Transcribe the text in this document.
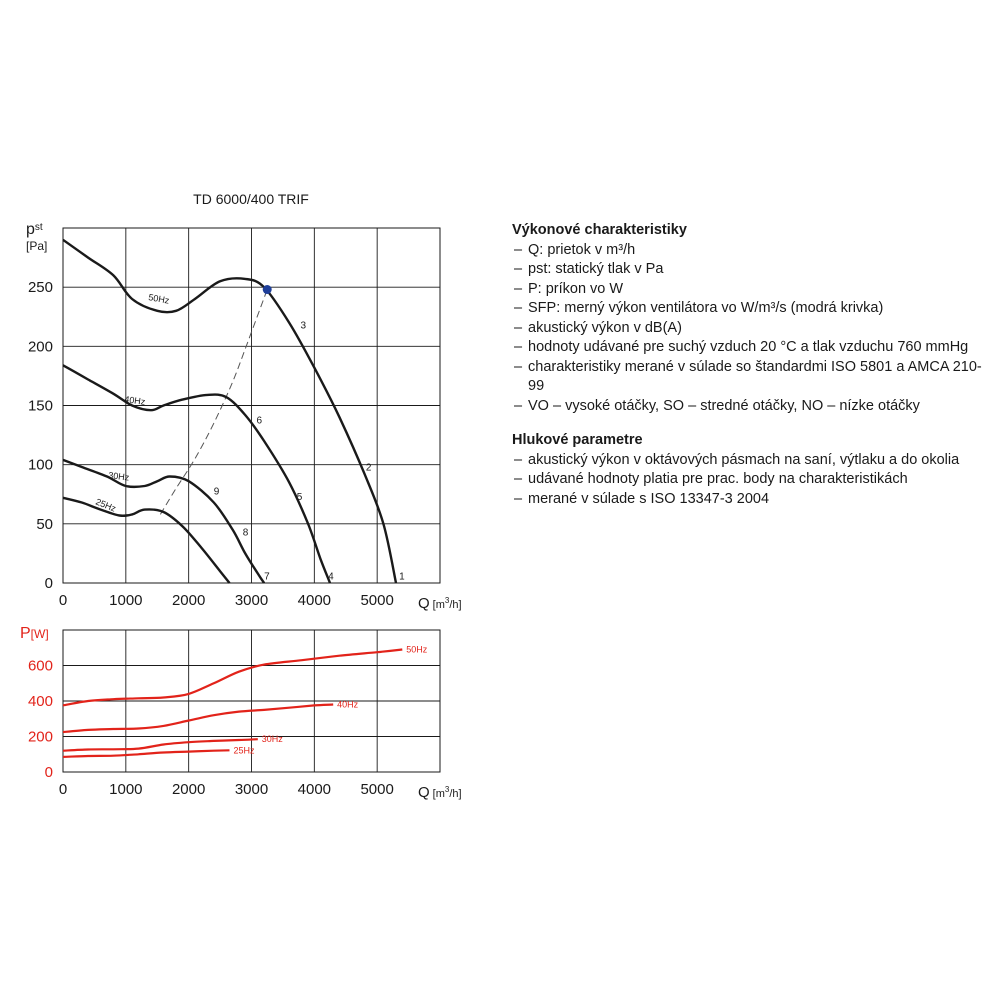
TD 6000/400 TRIF
$p^{st}$
[Pa]
0	1000 2000 3000 4000 5000
0
50
100
150
200
250
Q [$m^3_{/h]}$
50Hz
40Hz
30Hz
25Hz
1
2
3
4
5
6
7
8
9
P[W]
0	1000 2000 3000 4000 5000
0
200
400
600
Q [$m^3_{/h]}$
50Hz
40Hz
30Hz
25Hz
Výkonové charakteristiky
– Q: prietok v m³/h
– pst: statický tlak v Pa
– P: príkon vo W
– SFP: merný výkon ventilátora vo W/m³/s (modrá krivka)
– akustický výkon v dB(A)
– hodnoty udávané pre suchý vzduch 20 °C a tlak vzduchu 760 mmHg
– charakteristiky merané v súlade so štandardmi ISO 5801 a AMCA 210-99
– VO – vysoké otáčky, SO – stredné otáčky, NO – nízke otáčky
Hlukové parametre
– akustický výkon v oktávových pásmach na saní, výtlaku a do okolia
– udávané hodnoty platia pre prac. body na charakteristikách
– merané v súlade s ISO 13347-3 2004
